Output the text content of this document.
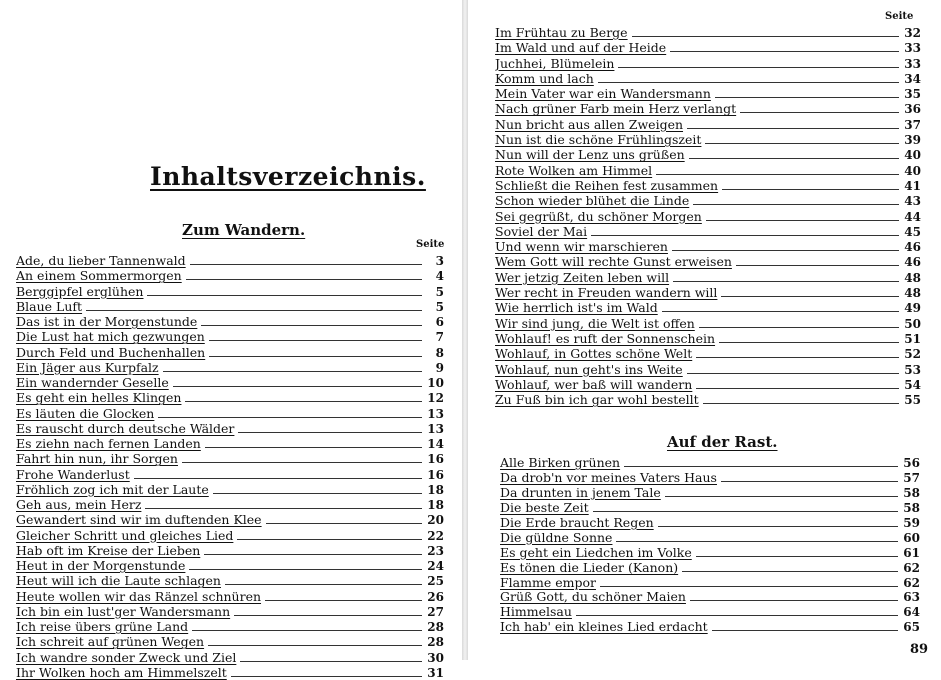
Inhaltsverzeichnis.
Zum Wandern.
Seite
Ade, du lieber Tannenwald	3
An einem Sommermorgen	4
Berggipfel erglühen	5
Blaue Luft	5
Das ist in der Morgenstunde	6
Die Lust hat mich gezwungen	7
Durch Feld und Buchenhallen	8
Ein Jäger aus Kurpfalz	9
Ein wandernder Geselle	10
Es geht ein helles Klingen	12
Es läuten die Glocken	13
Es rauscht durch deutsche Wälder	13
Es ziehn nach fernen Landen	14
Fahrt hin nun, ihr Sorgen	16
Frohe Wanderlust	16
Fröhlich zog ich mit der Laute	18
Geh aus, mein Herz	18
Gewandert sind wir im duftenden Klee	20
Gleicher Schritt und gleiches Lied	22
Hab oft im Kreise der Lieben	23
Heut in der Morgenstunde	24
Heut will ich die Laute schlagen	25
Heute wollen wir das Ränzel schnüren	26
Ich bin ein lust'ger Wandersmann	27
Ich reise übers grüne Land	28
Ich schreit auf grünen Wegen	28
Ich wandre sonder Zweck und Ziel	30
Ihr Wolken hoch am Himmelszelt	31
Seite
Im Frühtau zu Berge	32
Im Wald und auf der Heide	33
Juchhei, Blümelein	33
Komm und lach	34
Mein Vater war ein Wandersmann	35
Nach grüner Farb mein Herz verlangt	36
Nun bricht aus allen Zweigen	37
Nun ist die schöne Frühlingszeit	39
Nun will der Lenz uns grüßen	40
Rote Wolken am Himmel	40
Schließt die Reihen fest zusammen	41
Schon wieder blühet die Linde	43
Sei gegrüßt, du schöner Morgen	44
Soviel der Mai	45
Und wenn wir marschieren	46
Wem Gott will rechte Gunst erweisen	46
Wer jetzig Zeiten leben will	48
Wer recht in Freuden wandern will	48
Wie herrlich ist's im Wald	49
Wir sind jung, die Welt ist offen	50
Wohlauf! es ruft der Sonnenschein	51
Wohlauf, in Gottes schöne Welt	52
Wohlauf, nun geht's ins Weite	53
Wohlauf, wer baß will wandern	54
Zu Fuß bin ich gar wohl bestellt	55
Auf der Rast.
Alle Birken grünen	56
Da drob'n vor meines Vaters Haus	57
Da drunten in jenem Tale	58
Die beste Zeit	58
Die Erde braucht Regen	59
Die güldne Sonne	60
Es geht ein Liedchen im Volke	61
Es tönen die Lieder (Kanon)	62
Flamme empor	62
Grüß Gott, du schöner Maien	63
Himmelsau	64
Ich hab' ein kleines Lied erdacht	65
89
